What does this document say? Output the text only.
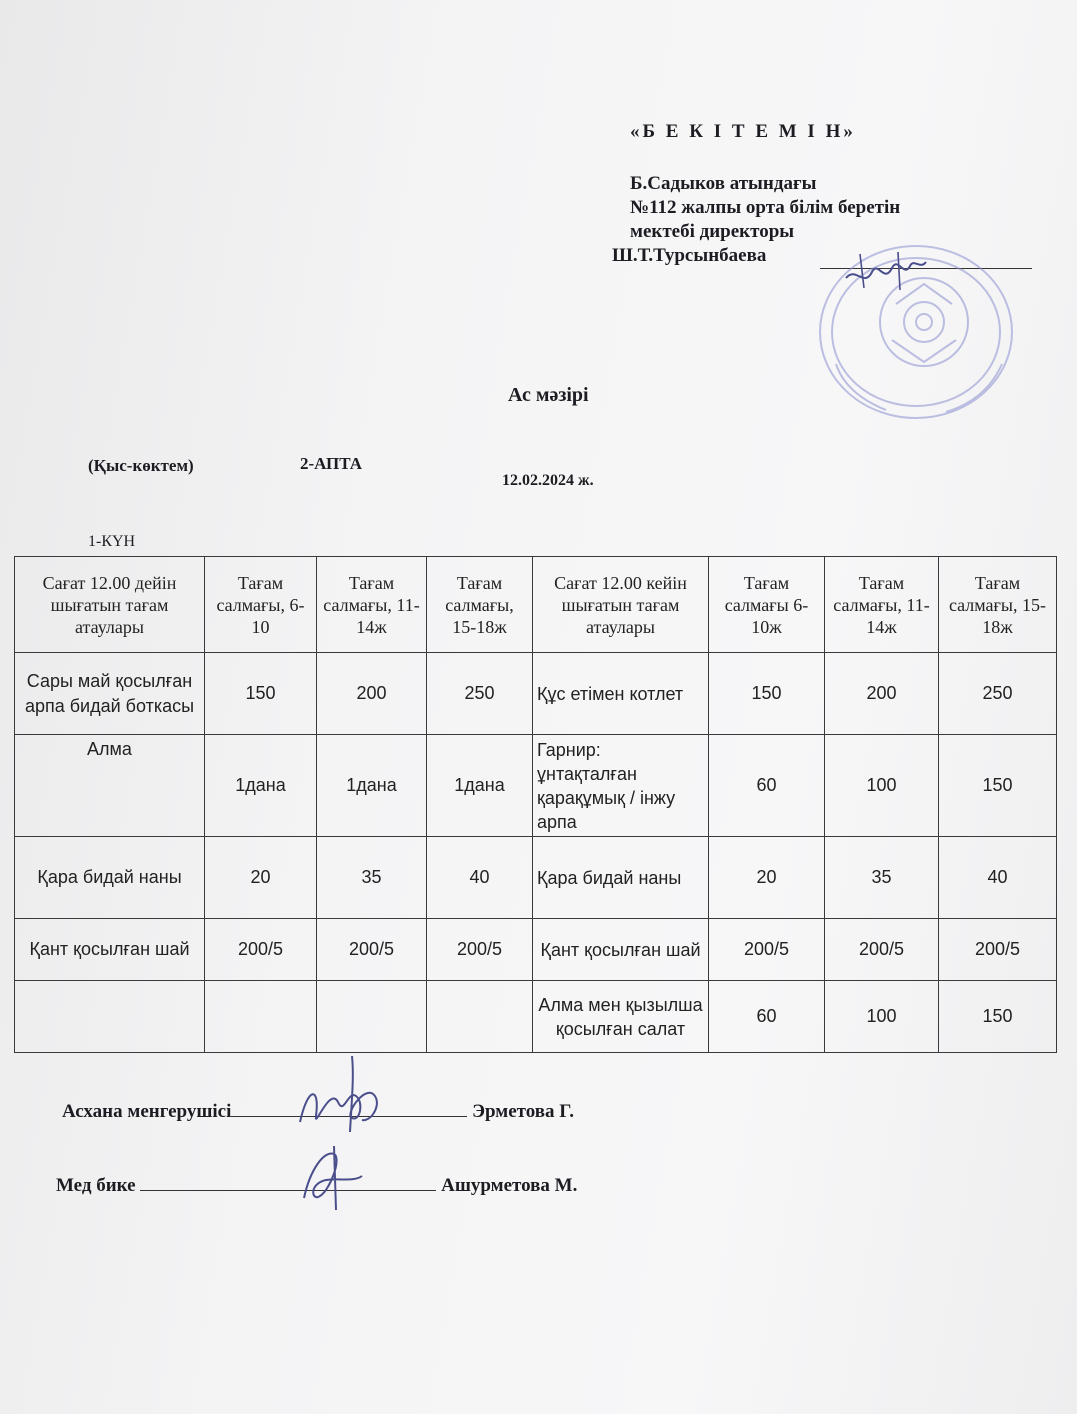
«Б Е К І Т Е М І Н»
Б.Садыков атындағы
№112 жалпы орта білім беретін
мектебі директоры
Ш.Т.Турсынбаева
Ас мәзірі
(Қыс-көктем)	2-АПТА
12.02.2024 ж.
1-КҮН
Сағат 12.00 дейін шығатын тағам атаулары	Тағам салмағы, 6-10	Тағам салмағы, 11-14ж	Тағам салмағы, 15-18ж	Сағат 12.00 кейін шығатын тағам атаулары	Тағам салмағы 6-10ж	Тағам салмағы, 11-14ж	Тағам салмағы, 15-18ж
Сары май қосылған арпа бидай боткасы	150	200	250	Құс етімен котлет	150	200	250
Алма	1дана	1дана	1дана	Гарнир: ұнтақталған қарақұмық / інжу арпа	60	100	150
Қара бидай наны	20	35	40	Қара бидай наны	20	35	40
Қант қосылған шай	200/5	200/5	200/5	Қант қосылған шай	200/5	200/5	200/5
				Алма мен қызылша қосылған салат	60	100	150
Асхана менгерушісі	Эрметова Г.
Мед бике	Ашурметова М.
